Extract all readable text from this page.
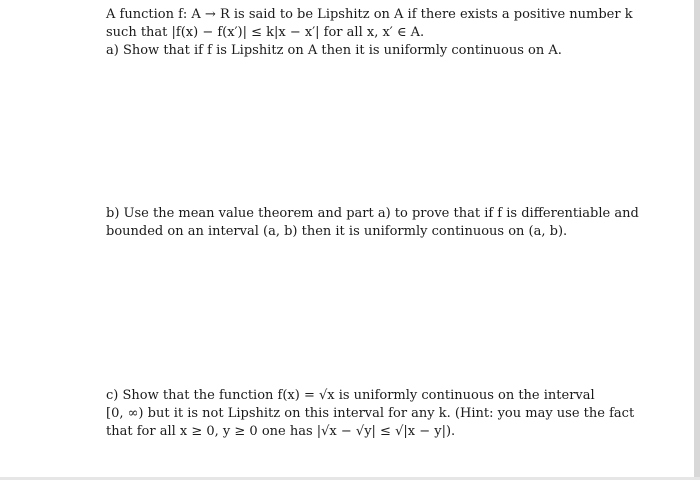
A function f: A → R is said to be Lipshitz on A if there exists a positive number k
such that |f(x) − f(x′)| ≤ k|x − x′| for all x, x′ ∈ A.
a) Show that if f is Lipshitz on A then it is uniformly continuous on A.
b) Use the mean value theorem and part a) to prove that if f is differentiable and
bounded on an interval (a, b) then it is uniformly continuous on (a, b).
c) Show that the function f(x) = √x is uniformly continuous on the interval
[0, ∞) but it is not Lipshitz on this interval for any k. (Hint: you may use the fact
that for all x ≥ 0, y ≥ 0 one has |√x − √y| ≤ √|x − y|).
